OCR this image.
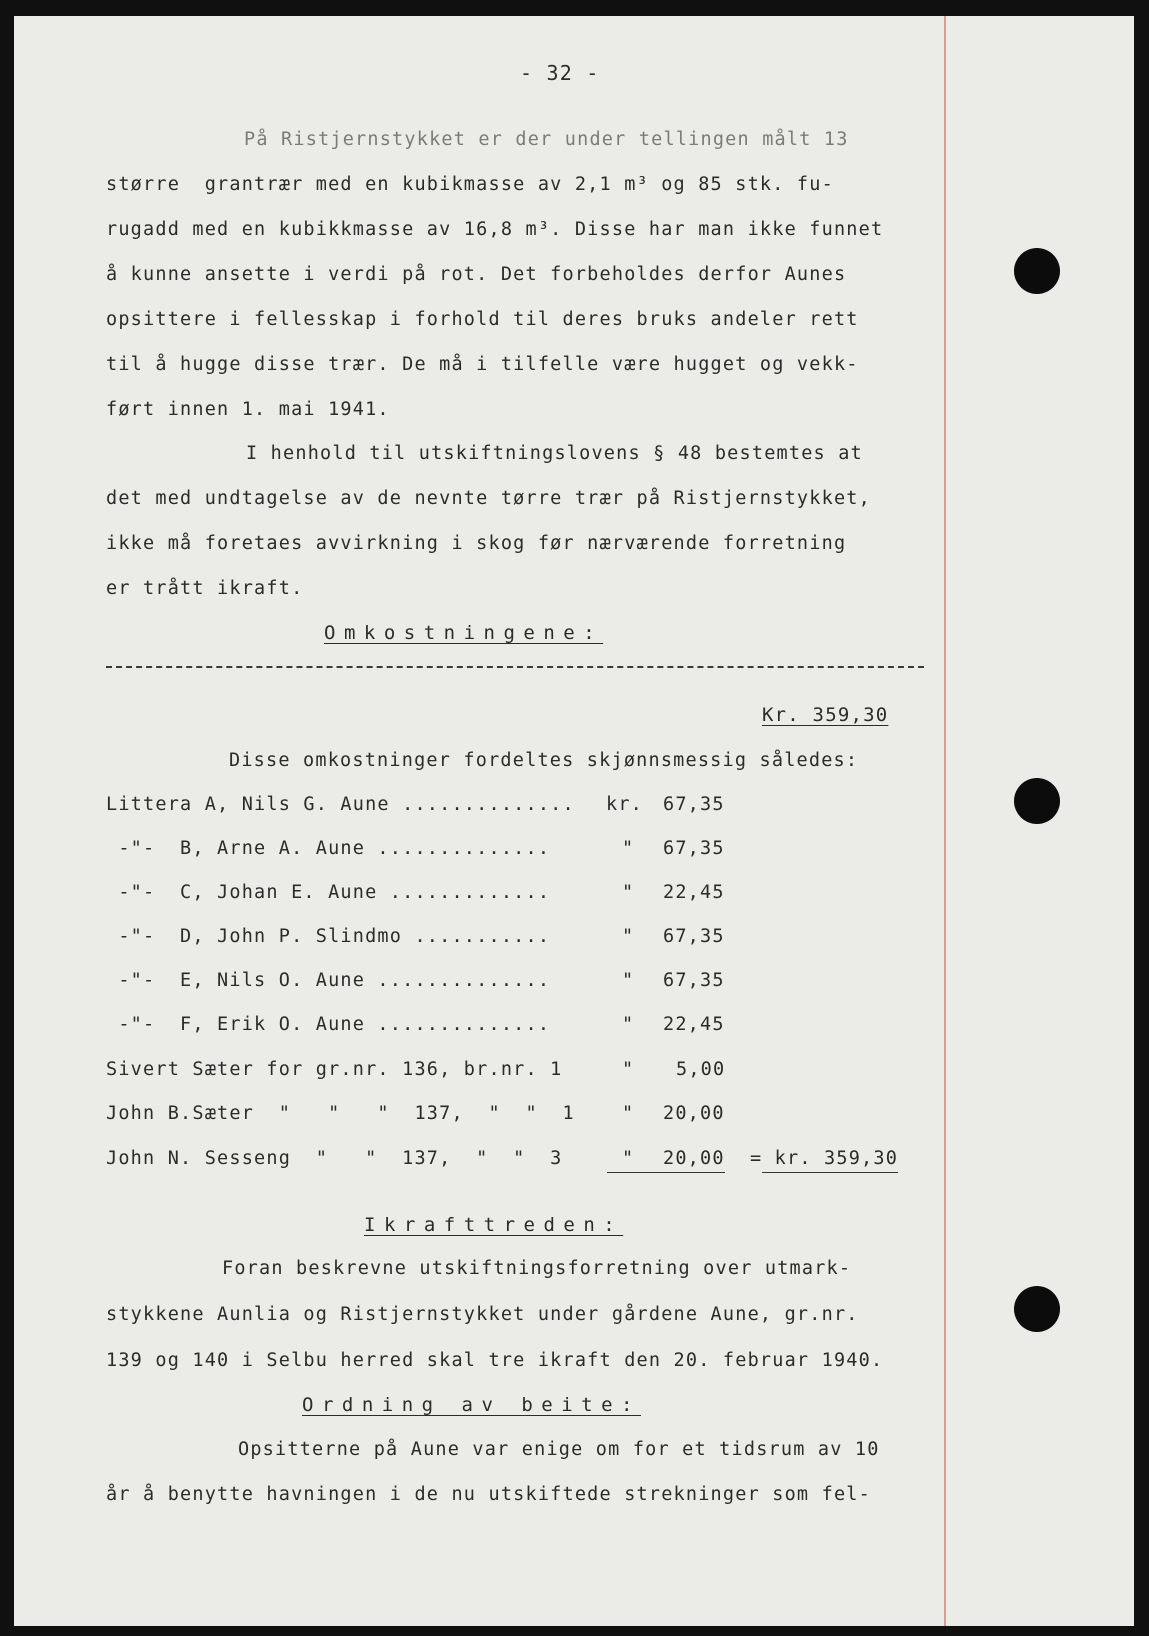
- 32 -
På Ristjernstykket er der under tellingen målt 13
større  grantrær med en kubikmasse av 2,1 m³ og 85 stk. fu-
rugadd med en kubikkmasse av 16,8 m³. Disse har man ikke funnet
å kunne ansette i verdi på rot. Det forbeholdes derfor Aunes
opsittere i fellesskap i forhold til deres bruks andeler rett
til å hugge disse trær. De må i tilfelle være hugget og vekk-
ført innen 1. mai 1941.
I henhold til utskiftningslovens § 48 bestemtes at
det med undtagelse av de nevnte tørre trær på Ristjernstykket,
ikke må foretaes avvirkning i skog før nærværende forretning
er trått ikraft.
Omkostningene:
Kr. 359,30
Disse omkostninger fordeltes skjønnsmessig således:
Littera A, Nils G. Aune .............. kr. 67,35
-"-  B, Arne A. Aune ..............	" 67,35
-"-  C, Johan E. Aune .............	" 22,45
-"-  D, John P. Slindmo ...........	" 67,35
-"-  E, Nils O. Aune ..............	" 67,35
-"-  F, Erik O. Aune ..............	" 22,45
Sivert Sæter for gr.nr. 136, br.nr. 1	" 5,00
John B.Sæter  "   "   "  137,  "  "  1	" 20,00
John N. Sesseng  "   "  137,  "  "  3	" 20,00 = kr. 359,30
Ikrafttreden:
Foran beskrevne utskiftningsforretning over utmark-
stykkene Aunlia og Ristjernstykket under gårdene Aune, gr.nr.
139 og 140 i Selbu herred skal tre ikraft den 20. februar 1940.
Ordning av beite:
Opsitterne på Aune var enige om for et tidsrum av 10
år å benytte havningen i de nu utskiftede strekninger som fel-
